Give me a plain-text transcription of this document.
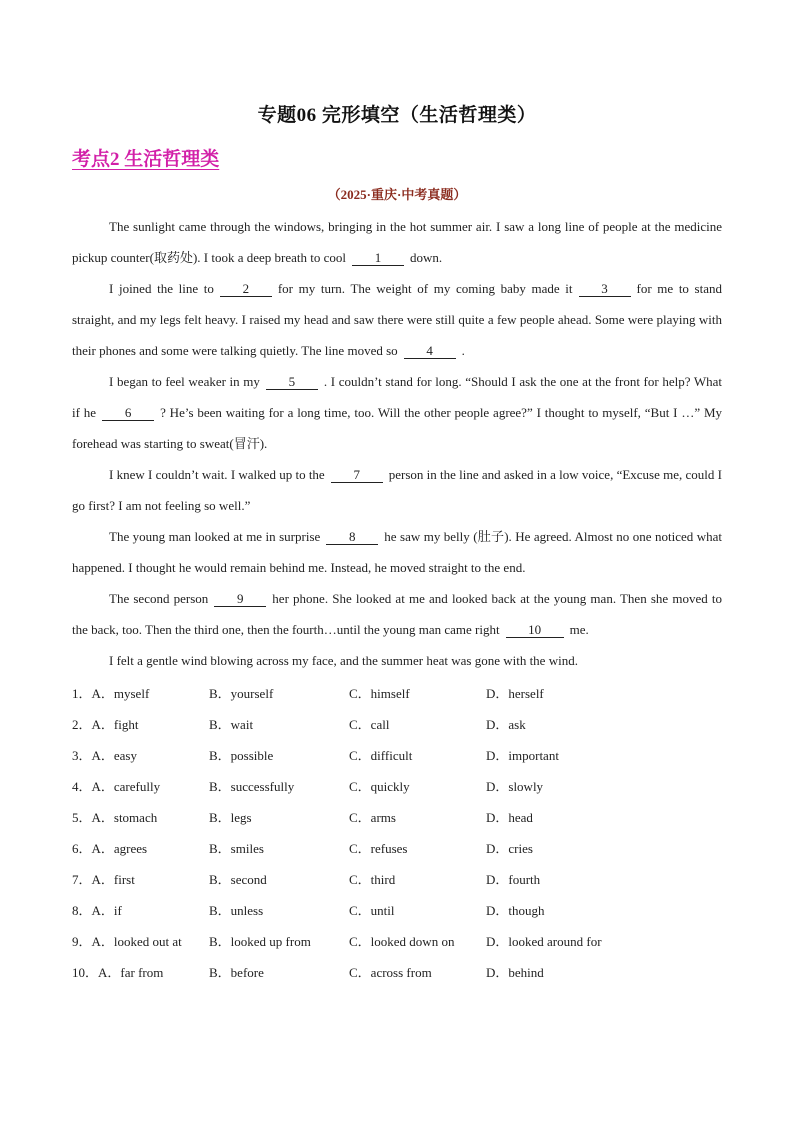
专题06 完形填空（生活哲理类）
考点2 生活哲理类
（2025·重庆·中考真题）

The sunlight came through the windows, bringing in the hot summer air. I saw a long line of people at the medicine pickup counter(取药处). I took a deep breath to cool 1 down.

I joined the line to 2 for my turn. The weight of my coming baby made it 3 for me to stand straight, and my legs felt heavy. I raised my head and saw there were still quite a few people ahead. Some were playing with their phones and some were talking quietly. The line moved so 4 .

I began to feel weaker in my 5 . I couldn’t stand for long. “Should I ask the one at the front for help? What if he 6 ? He’s been waiting for a long time, too. Will the other people agree?” I thought to myself, “But I …” My forehead was starting to sweat(冒汗).

I knew I couldn’t wait. I walked up to the 7 person in the line and asked in a low voice, “Excuse me, could I go first? I am not feeling so well.”

The young man looked at me in surprise 8 he saw my belly (肚子). He agreed. Almost no one noticed what happened. I thought he would remain behind me. Instead, he moved straight to the end.

The second person 9 her phone. She looked at me and looked back at the young man. Then she moved to the back, too. Then the third one, then the fourth…until the young man came right 10 me.

I felt a gentle wind blowing across my face, and the summer heat was gone with the wind.

1．A．myself	B．yourself	C．himself	D．herself
2．A．fight	B．wait	C．call	D．ask
3．A．easy	B．possible	C．difficult	D．important
4．A．carefully	B．successfully	C．quickly	D．slowly
5．A．stomach	B．legs	C．arms	D．head
6．A．agrees	B．smiles	C．refuses	D．cries
7．A．first	B．second	C．third	D．fourth
8．A．if	B．unless	C．until	D．though
9．A．looked out at B．looked up from	C．looked down on D．looked around for
10．A．far from	B．before	C．across from	D．behind
